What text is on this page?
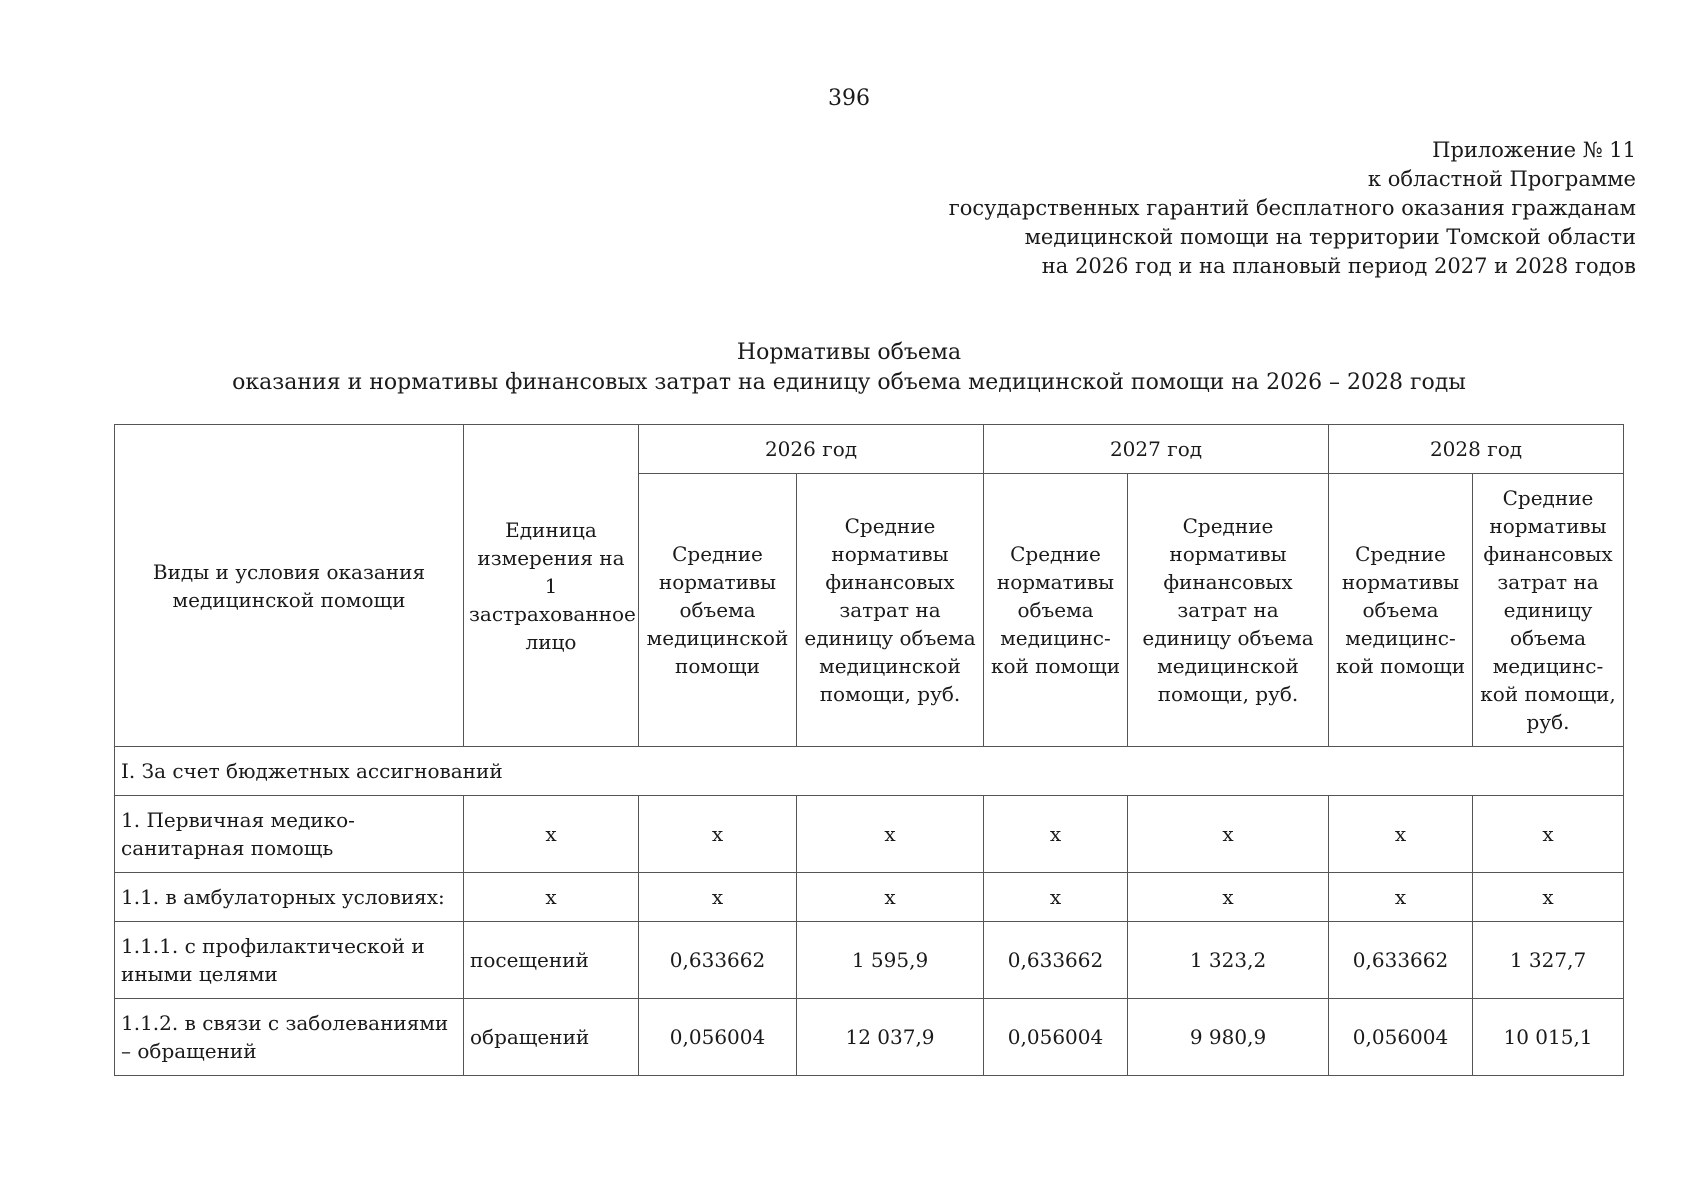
396
Приложение № 11
к областной Программе
государственных гарантий бесплатного оказания гражданам
медицинской помощи на территории Томской области
на 2026 год и на плановый период 2027 и 2028 годов
Нормативы объема
оказания и нормативы финансовых затрат на единицу объема медицинской помощи на 2026 – 2028 годы
Виды и условия оказания медицинской помощи	Единица измерения на 1 застрахованное лицо	2026 год		2027 год		2028 год	
		Средние нормативы объема медицинской помощи	Средние нормативы финансовых затрат на единицу объема медицинской помощи, руб.	Средние нормативы объема медицинс-кой помощи	Средние нормативы финансовых затрат на единицу объема медицинской помощи, руб.	Средние нормативы объема медицинс-кой помощи	Средние нормативы финансовых затрат на единицу объема медицинс-кой помощи, руб.
I. За счет бюджетных ассигнований							
1. Первичная медико-санитарная помощь	х	х	х	х	х	х	х
1.1. в амбулаторных условиях:	х	х	х	х	х	х	х
1.1.1. с профилактической и иными целями	посещений	0,633662	1 595,9	0,633662	1 323,2	0,633662	1 327,7
1.1.2. в связи с заболеваниями – обращений	обращений	0,056004	12 037,9	0,056004	9 980,9	0,056004	10 015,1
